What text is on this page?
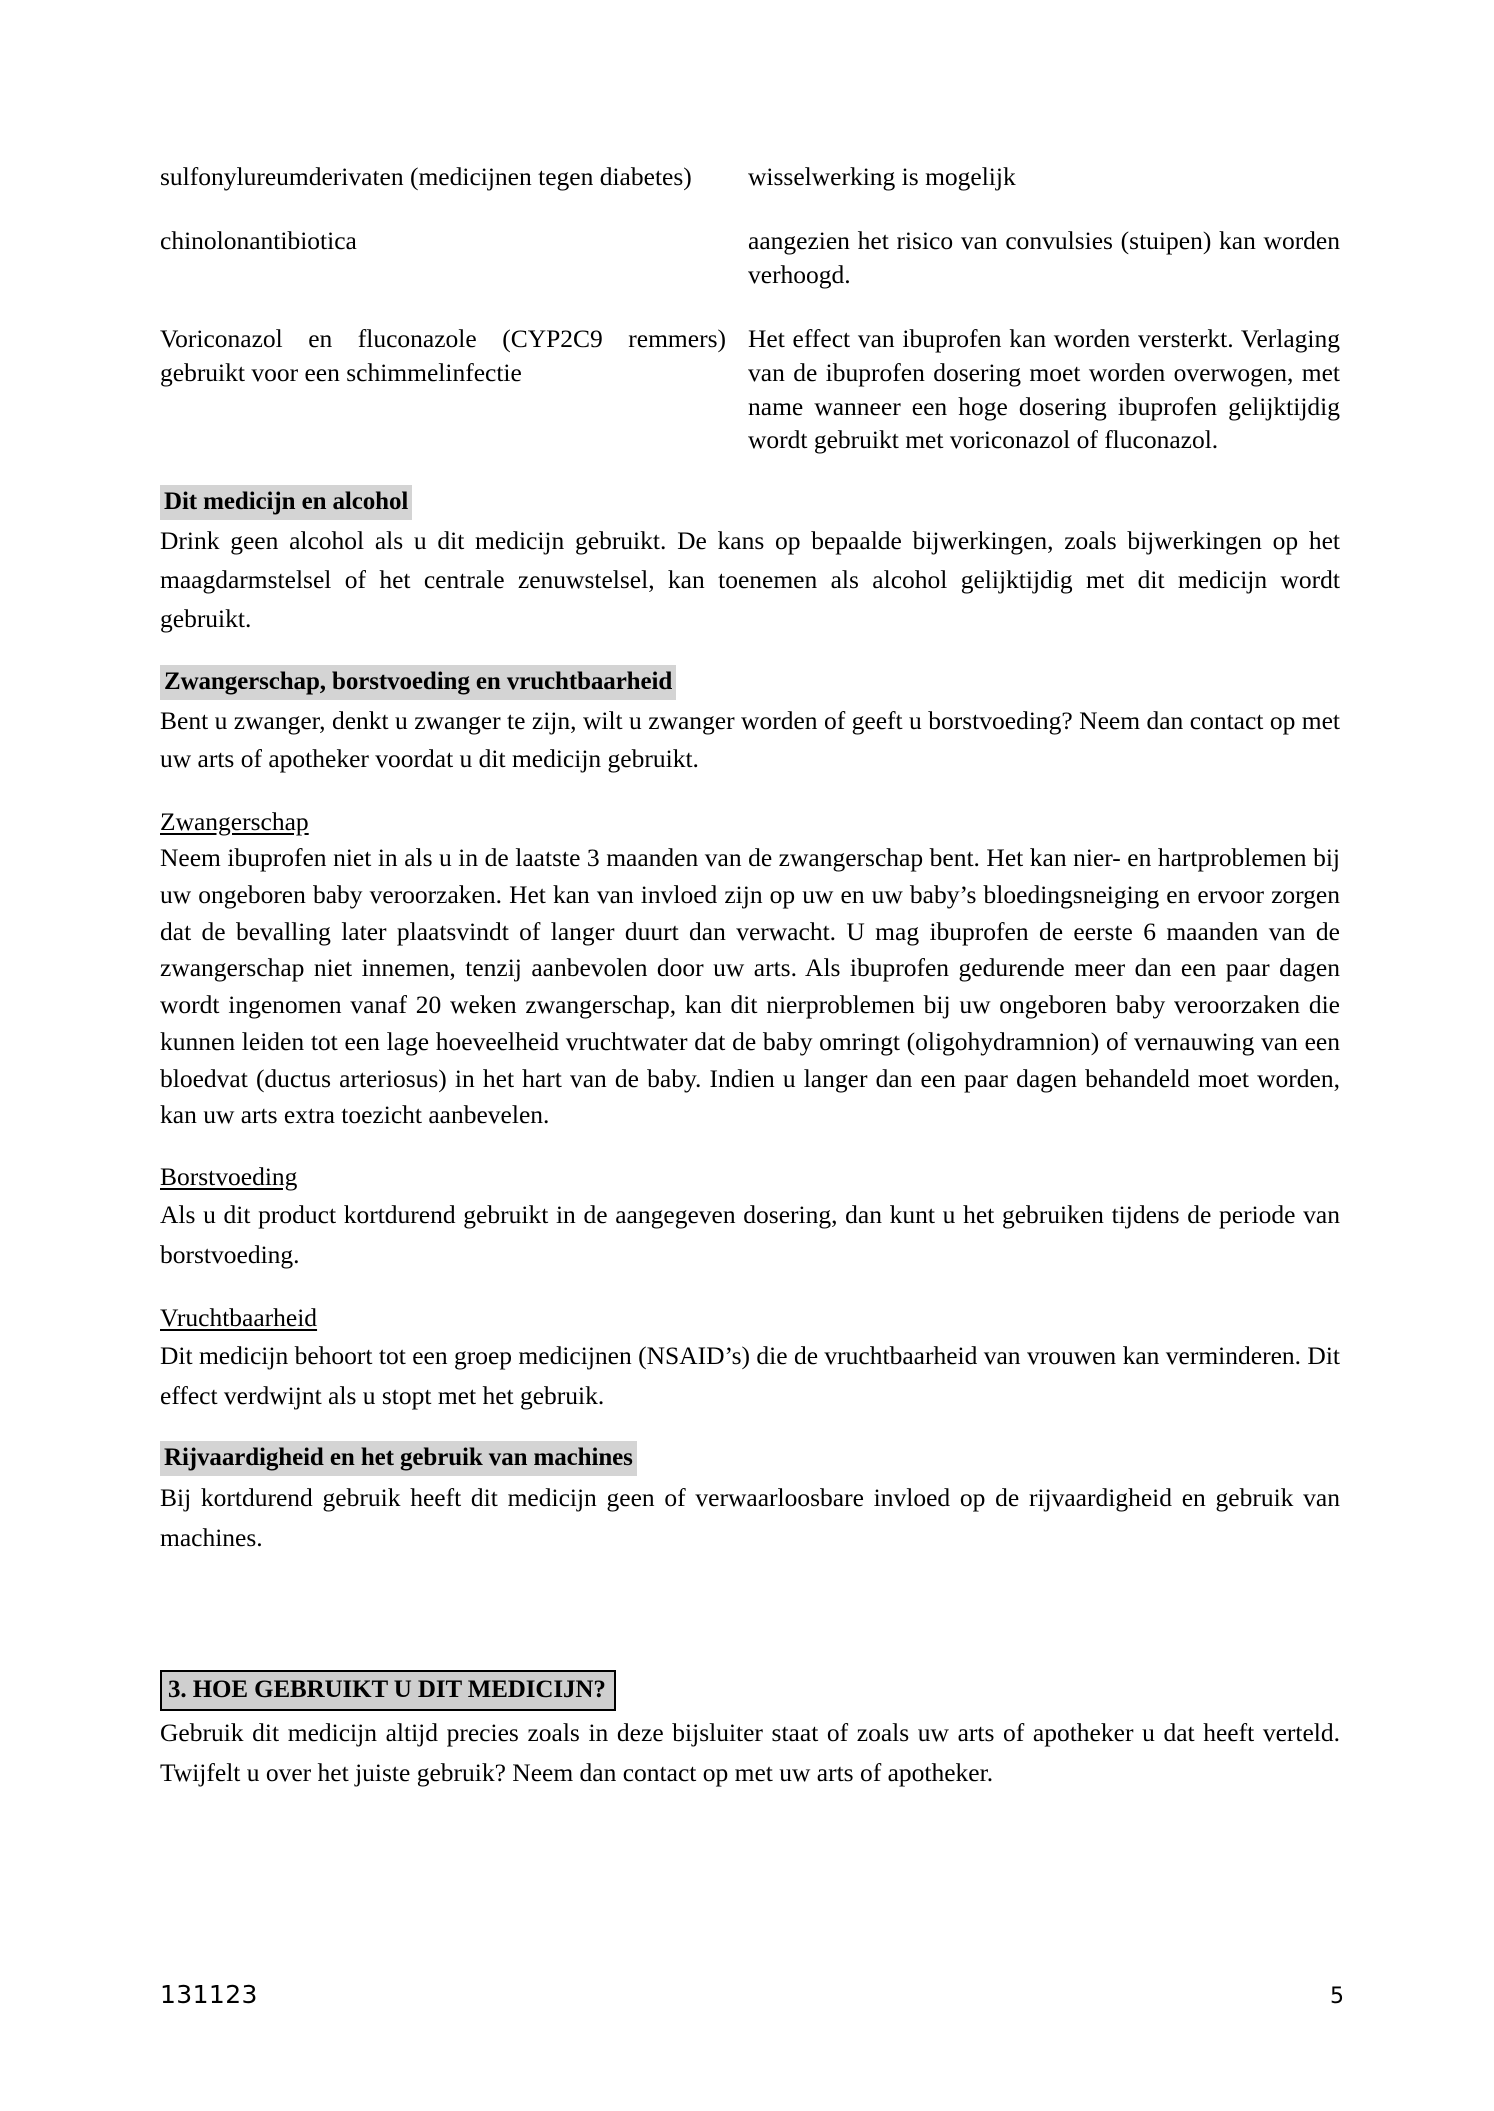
sulfonylureumderivaten (medicijnen tegen diabetes)	wisselwerking is mogelijk
chinolonantibiotica	aangezien het risico van convulsies (stuipen) kan worden verhoogd.
Voriconazol en fluconazole (CYP2C9 remmers) gebruikt voor een schimmelinfectie	Het effect van ibuprofen kan worden versterkt. Verlaging van de ibuprofen dosering moet worden overwogen, met name wanneer een hoge dosering ibuprofen gelijktijdig wordt gebruikt met voriconazol of fluconazol.
Dit medicijn en alcohol

Drink geen alcohol als u dit medicijn gebruikt. De kans op bepaalde bijwerkingen, zoals bijwerkingen op het maagdarmstelsel of het centrale zenuwstelsel, kan toenemen als alcohol gelijktijdig met dit medicijn wordt gebruikt.

Zwangerschap, borstvoeding en vruchtbaarheid

Bent u zwanger, denkt u zwanger te zijn, wilt u zwanger worden of geeft u borstvoeding? Neem dan contact op met uw arts of apotheker voordat u dit medicijn gebruikt.

Zwangerschap

Neem ibuprofen niet in als u in de laatste 3 maanden van de zwangerschap bent. Het kan nier- en hartproblemen bij uw ongeboren baby veroorzaken. Het kan van invloed zijn op uw en uw baby’s bloedingsneiging en ervoor zorgen dat de bevalling later plaatsvindt of langer duurt dan verwacht. U mag ibuprofen de eerste 6 maanden van de zwangerschap niet innemen, tenzij aanbevolen door uw arts. Als ibuprofen gedurende meer dan een paar dagen wordt ingenomen vanaf 20 weken zwangerschap, kan dit nierproblemen bij uw ongeboren baby veroorzaken die kunnen leiden tot een lage hoeveelheid vruchtwater dat de baby omringt (oligohydramnion) of vernauwing van een bloedvat (ductus arteriosus) in het hart van de baby. Indien u langer dan een paar dagen behandeld moet worden, kan uw arts extra toezicht aanbevelen.

Borstvoeding

Als u dit product kortdurend gebruikt in de aangegeven dosering, dan kunt u het gebruiken tijdens de periode van borstvoeding.

Vruchtbaarheid

Dit medicijn behoort tot een groep medicijnen (NSAID’s) die de vruchtbaarheid van vrouwen kan verminderen. Dit effect verdwijnt als u stopt met het gebruik.

Rijvaardigheid en het gebruik van machines

Bij kortdurend gebruik heeft dit medicijn geen of verwaarloosbare invloed op de rijvaardigheid en gebruik van machines.

3. HOE GEBRUIKT U DIT MEDICIJN?

Gebruik dit medicijn altijd precies zoals in deze bijsluiter staat of zoals uw arts of apotheker u dat heeft verteld. Twijfelt u over het juiste gebruik? Neem dan contact op met uw arts of apotheker.

131123	5
